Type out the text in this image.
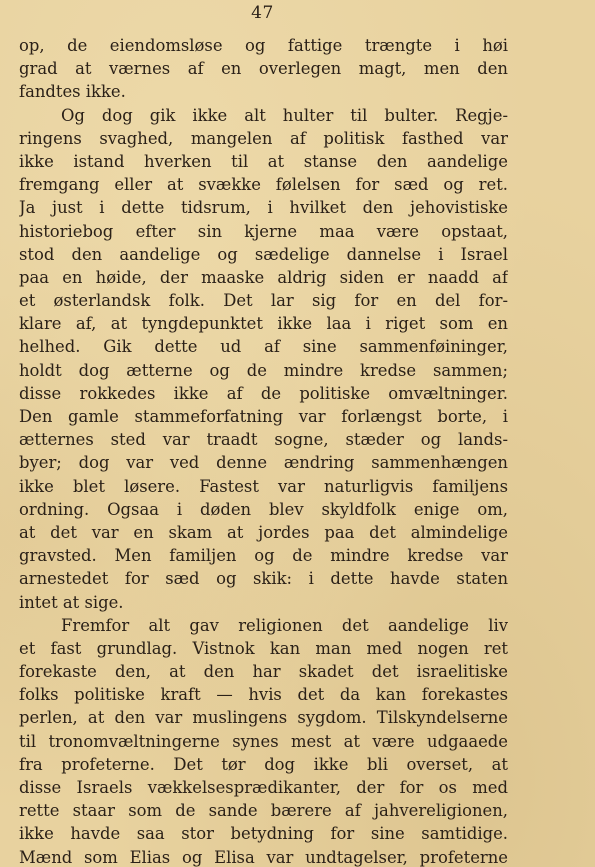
47
op, de eiendomsløse og fattige trængte i høi
grad at værnes af en overlegen magt, men den
fandtes ikke.
Og dog gik ikke alt hulter til bulter. Regje-
ringens svaghed, mangelen af politisk fasthed var
ikke istand hverken til at stanse den aandelige
fremgang eller at svække følelsen for sæd og ret.
Ja just i dette tidsrum, i hvilket den jehovistiske
historiebog efter sin kjerne maa være opstaat,
stod den aandelige og sædelige dannelse i Israel
paa en høide, der maaske aldrig siden er naadd af
et østerlandsk folk. Det lar sig for en del for-
klare af, at tyngdepunktet ikke laa i riget som en
helhed. Gik dette ud af sine sammenføininger,
holdt dog ætterne og de mindre kredse sammen;
disse rokkedes ikke af de politiske omvæltninger.
Den gamle stammeforfatning var forlængst borte, i
ætternes sted var traadt sogne, stæder og lands-
byer; dog var ved denne ændring sammenhængen
ikke blet løsere. Fastest var naturligvis familjens
ordning. Ogsaa i døden blev skyldfolk enige om,
at det var en skam at jordes paa det almindelige
gravsted. Men familjen og de mindre kredse var
arnestedet for sæd og skik: i dette havde staten
intet at sige.
Fremfor alt gav religionen det aandelige liv
et fast grundlag. Vistnok kan man med nogen ret
forekaste den, at den har skadet det israelitiske
folks politiske kraft — hvis det da kan forekastes
perlen, at den var muslingens sygdom. Tilskyndelserne
til tronomvæltningerne synes mest at være udgaaede
fra profeterne. Det tør dog ikke bli overset, at
disse Israels vækkelsesprædikanter, der for os med
rette staar som de sande bærere af jahvereligionen,
ikke havde saa stor betydning for sine samtidige.
Mænd som Elias og Elisa var undtagelser, profeterne
